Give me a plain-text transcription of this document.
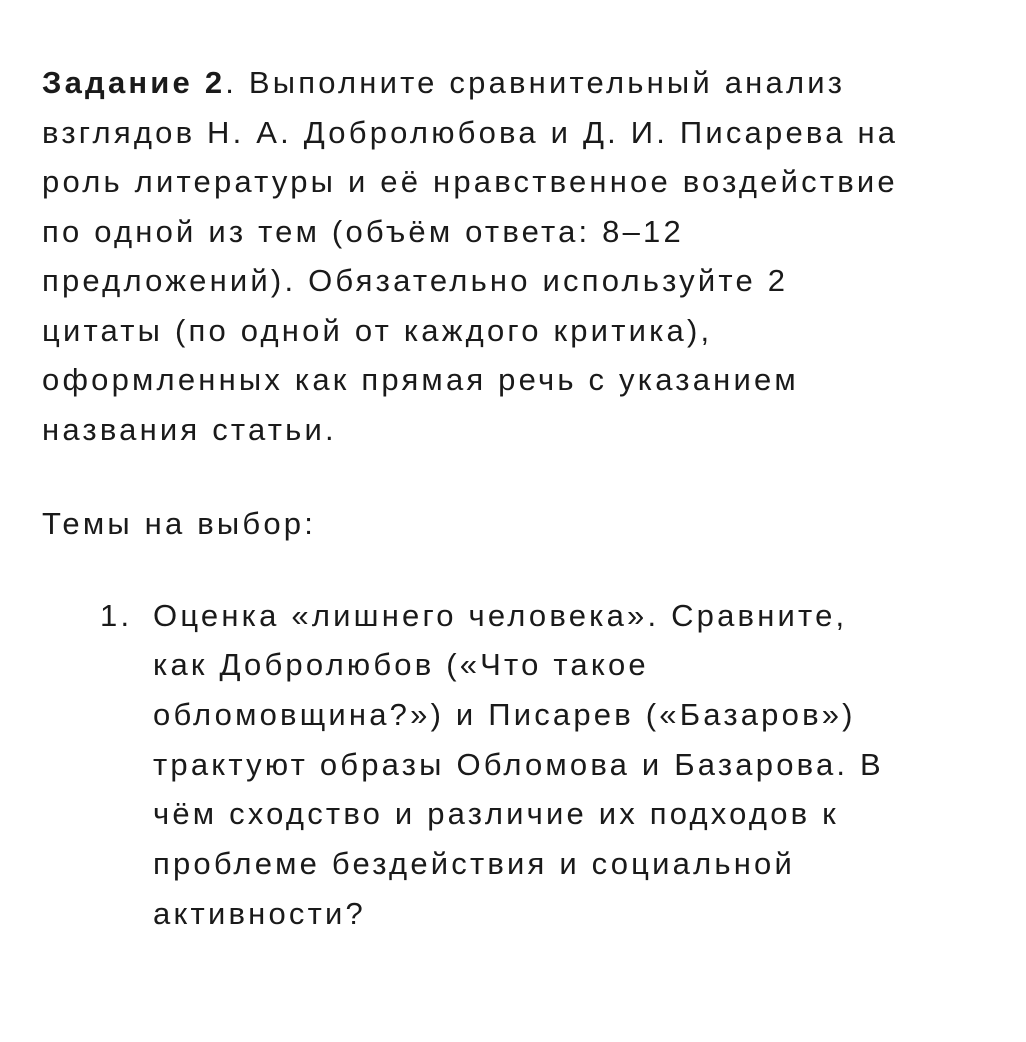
Задание 2. Выполните сравнительный анализ взглядов Н. А. Добролюбова и Д. И. Писарева на роль литературы и её нравственное воздействие по одной из тем (объём ответа: 8–12 предложений). Обязательно используйте 2 цитаты (по одной от каждого критика), оформленных как прямая речь с указанием названия статьи.

Темы на выбор:

1. Оценка «лишнего человека». Сравните, как Добролюбов («Что такое обломовщина?») и Писарев («Базаров») трактуют образы Обломова и Базарова. В чём сходство и различие их подходов к проблеме бездействия и социальной активности?
